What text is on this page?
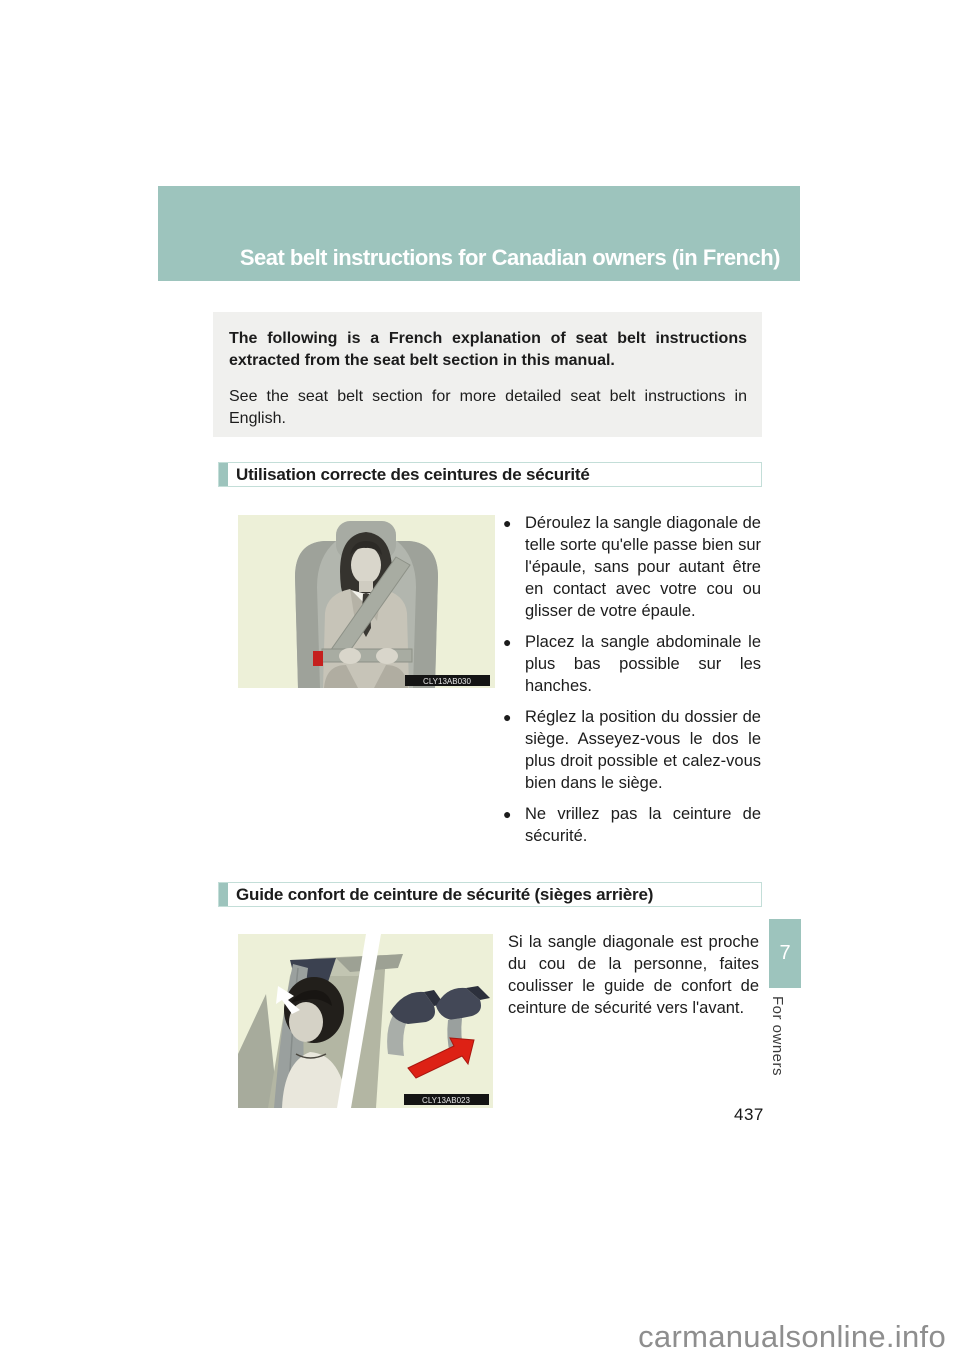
Seat belt instructions for Canadian owners (in French)

The following is a French explanation of seat belt instructions extracted from the seat belt section in this manual.

See the seat belt section for more detailed seat belt instructions in English.

Utilisation correcte des ceintures de sécurité
CLY13AB030
● Déroulez la sangle diagonale de telle sorte qu'elle passe bien sur l'épaule, sans pour autant être en contact avec votre cou ou glisser de votre épaule.
● Placez la sangle abdominale le plus bas possible sur les hanches.
● Réglez la position du dossier de siège. Asseyez-vous le dos le plus droit possible et calez-vous bien dans le siège.
● Ne vrillez pas la ceinture de sécurité.
Guide confort de ceinture de sécurité (sièges arrière)
CLY13AB023
Si la sangle diagonale est proche du cou de la personne, faites coulisser le guide de confort de ceinture de sécurité vers l'avant.
7
For owners
437
carmanualsonline.info
